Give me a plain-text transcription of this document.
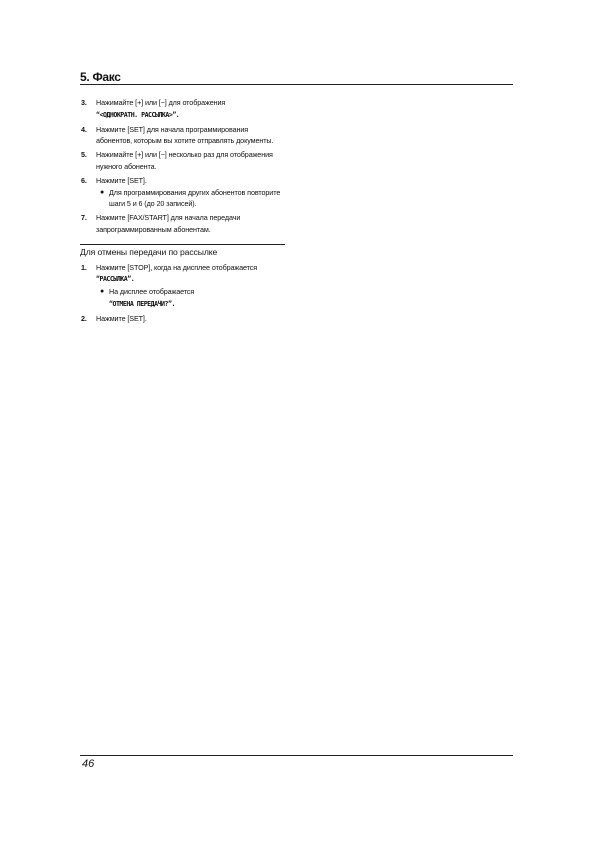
5. Факс
3. Нажимайте [+] или [−] для отображения
“<ОДНОКРАТН. РАССЫЛКА>”.
4. Нажмите [SET] для начала программирования абонентов, которым вы хотите отправлять документы.
5. Нажимайте [+] или [−] несколько раз для отображения нужного абонента.
6. Нажмите [SET].
● Для программирования других абонентов повторите шаги 5 и 6 (до 20 записей).
7. Нажмите [FAX/START] для начала передачи запрограммированным абонентам.
Для отмены передачи по рассылке
1. Нажмите [STOP], когда на дисплее отображается
“РАССЫЛКА”.
● На дисплее отображается
“ОТМЕНА ПЕРЕДАЧИ?”.
2. Нажмите [SET].
46
